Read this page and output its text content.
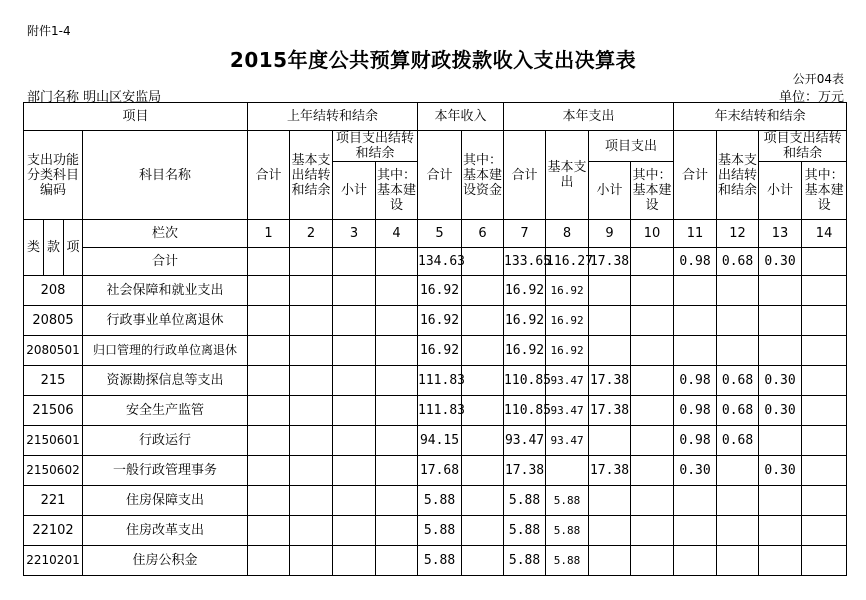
附件1-4
2015年度公共预算财政拨款收入支出决算表
公开04表
部门名称 明山区安监局	单位：万元
项目				上年结转和结余				本年收入		本年支出				年末结转和结余			

支出功能分类科目编码			科目名称	合计	基本支出结转和结余	项目支出结转和结余		合计	其中：基本建设资金	合计	基本支出	项目支出		合计	基本支出结转和结余	项目支出结转和结余	

						小计	其中：基本建设					小计	其中：基本建设			小计	其中：基本建设

类	款	项	栏次	1	2	3	4	5	6	7	8	9	10	11	12	13	14
			合计					134.63		133.65	116.27	17.38		0.98	0.68	0.30	
208			社会保障和就业支出					16.92		16.92	16.92						
20805			行政事业单位离退休					16.92		16.92	16.92						
2080501			归口管理的行政单位离退休					16.92		16.92	16.92						
215			资源勘探信息等支出					111.83		110.85	93.47	17.38		0.98	0.68	0.30	
21506			安全生产监管					111.83		110.85	93.47	17.38		0.98	0.68	0.30	
2150601			行政运行					94.15		93.47	93.47			0.98	0.68		
2150602			一般行政管理事务					17.68		17.38		17.38		0.30		0.30	
221			住房保障支出					5.88		5.88	5.88						
22102			住房改革支出					5.88		5.88	5.88						
2210201			住房公积金					5.88		5.88	5.88						
